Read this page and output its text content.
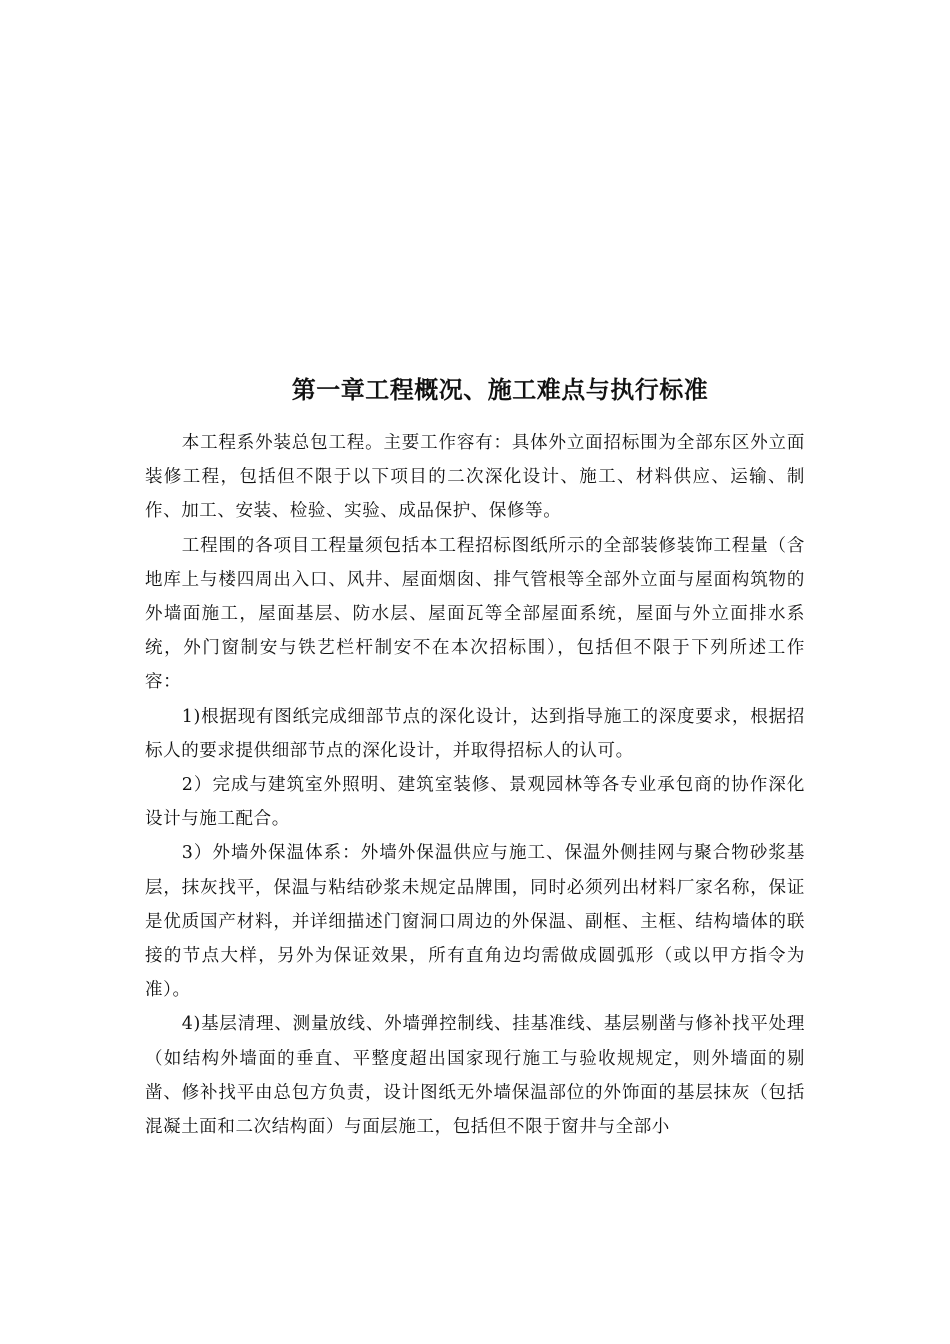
第一章工程概况、施工难点与执行标准

本工程系外装总包工程。主要工作容有：具体外立面招标围为全部东区外立面装修工程，包括但不限于以下项目的二次深化设计、施工、材料供应、运输、制作、加工、安装、检验、实验、成品保护、保修等。

工程围的各项目工程量须包括本工程招标图纸所示的全部装修装饰工程量（含地库上与楼四周出入口、风井、屋面烟囱、排气管根等全部外立面与屋面构筑物的外墙面施工，屋面基层、防水层、屋面瓦等全部屋面系统，屋面与外立面排水系统，外门窗制安与铁艺栏杆制安不在本次招标围），包括但不限于下列所述工作容：

1)根据现有图纸完成细部节点的深化设计，达到指导施工的深度要求，根据招标人的要求提供细部节点的深化设计，并取得招标人的认可。

2）完成与建筑室外照明、建筑室装修、景观园林等各专业承包商的协作深化设计与施工配合。

3）外墙外保温体系：外墙外保温供应与施工、保温外侧挂网与聚合物砂浆基层，抹灰找平，保温与粘结砂浆未规定品牌围，同时必须列出材料厂家名称，保证是优质国产材料，并详细描述门窗洞口周边的外保温、副框、主框、结构墙体的联接的节点大样，另外为保证效果，所有直角边均需做成圆弧形（或以甲方指令为准）。

4)基层清理、测量放线、外墙弹控制线、挂基准线、基层剔凿与修补找平处理（如结构外墙面的垂直、平整度超出国家现行施工与验收规规定，则外墙面的剔凿、修补找平由总包方负责，设计图纸无外墙保温部位的外饰面的基层抹灰（包括混凝土面和二次结构面）与面层施工，包括但不限于窗井与全部小
